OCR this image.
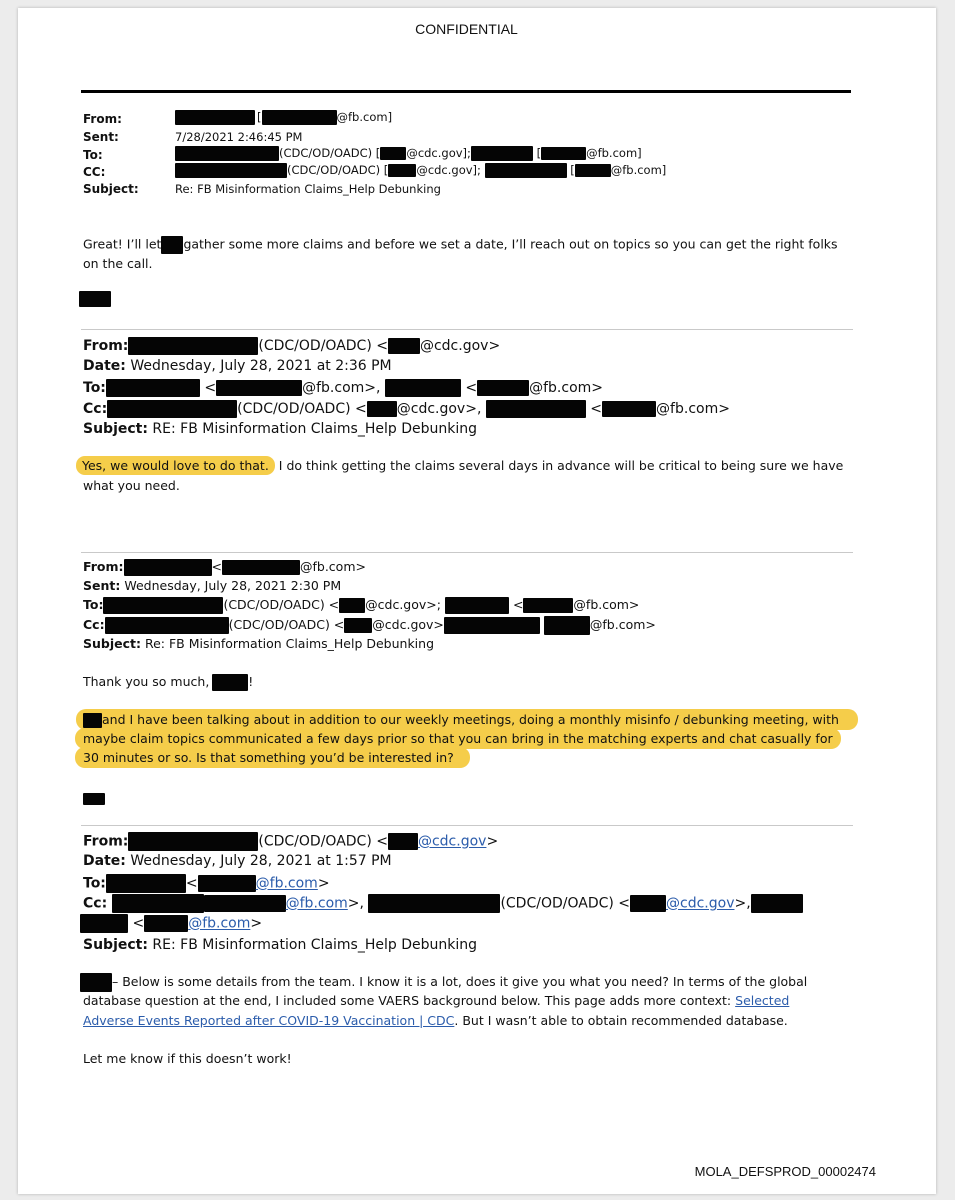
CONFIDENTIAL
From:	[	@fb.com]
Sent:	7/28/2021 2:46:45 PM
To:	(CDC/OD/OADC) [ @cdc.gov];	[	@fb.com]
CC:	(CDC/OD/OADC) [ @cdc.gov];	[	@fb.com]
Subject:	Re: FB Misinformation Claims_Help Debunking
Great! I’ll let gather some more claims and before we set a date, I’ll reach out on topics so you can get the right folks
on the call.
From:	(CDC/OD/OADC) < @cdc.gov>
Date: Wednesday, July 28, 2021 at 2:36 PM
To:	<	@fb.com>,	<	@fb.com>
Cc:	(CDC/OD/OADC) < @cdc.gov>,	<	@fb.com>
Subject: RE: FB Misinformation Claims_Help Debunking
Yes, we would love to do that. I do think getting the claims several days in advance will be critical to being sure we have
what you need.
From:	<	@fb.com>
Sent: Wednesday, July 28, 2021 2:30 PM
To:	(CDC/OD/OADC) < @cdc.gov>;	<	@fb.com>
Cc:	(CDC/OD/OADC) < @cdc.gov>	@fb.com>
Subject: Re: FB Misinformation Claims_Help Debunking
Thank you so much,	!
and I have been talking about in addition to our weekly meetings, doing a monthly misinfo / debunking meeting, with
maybe claim topics communicated a few days prior so that you can bring in the matching experts and chat casually for
30 minutes or so. Is that something you’d be interested in?
From:	(CDC/OD/OADC) < @cdc.gov>
Date: Wednesday, July 28, 2021 at 1:57 PM
To:	<	@fb.com>
Cc:	@fb.com>,	(CDC/OD/OADC) <	@cdc.gov>,
<	@fb.com>
Subject: RE: FB Misinformation Claims_Help Debunking
– Below is some details from the team. I know it is a lot, does it give you what you need? In terms of the global
database question at the end, I included some VAERS background below. This page adds more context: Selected
Adverse Events Reported after COVID-19 Vaccination | CDC. But I wasn’t able to obtain recommended database.
Let me know if this doesn’t work!
MOLA_DEFSPROD_00002474
